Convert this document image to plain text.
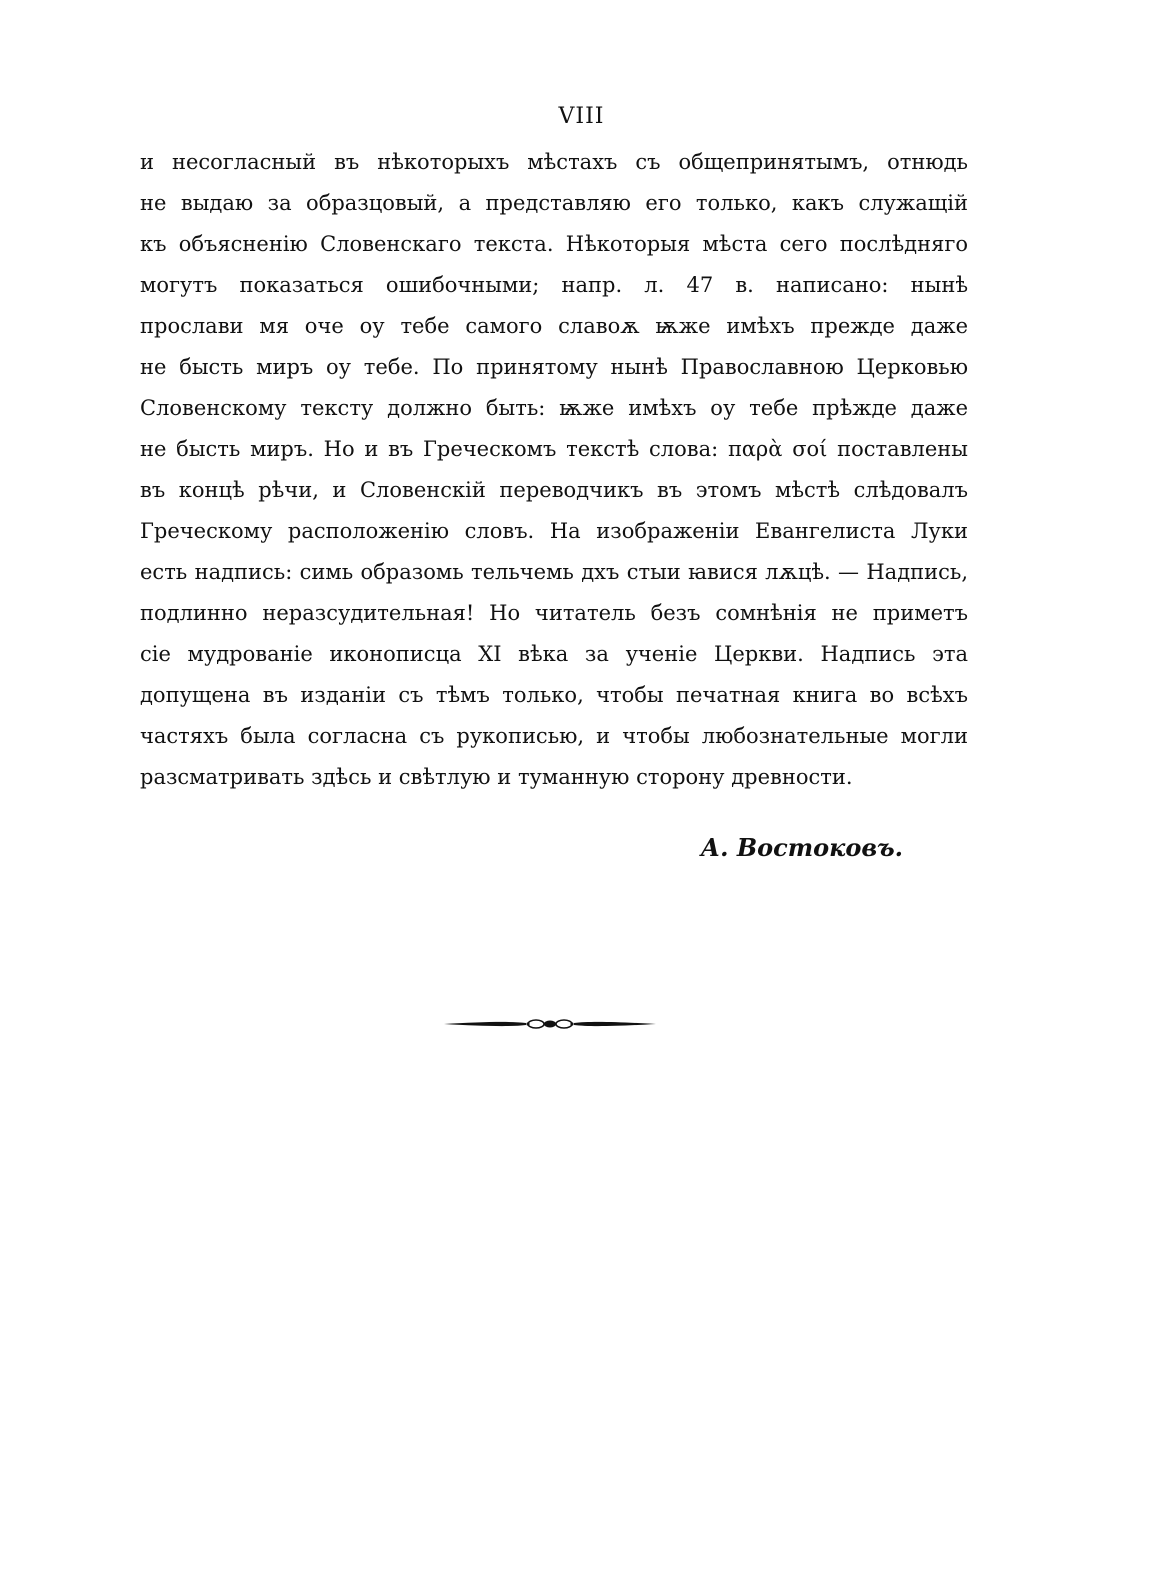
VIII
и несогласный въ нѣкоторыхъ мѣстахъ съ общепринятымъ, отнюдь
не выдаю за образцовый, а представляю его только, какъ служащій
къ объясненію Словенскаго текста. Нѣкоторыя мѣста сего послѣдняго
могутъ показаться ошибочными; напр. л. 47 в. написано: нынѣ
прослави мя оче оу тебе самого славоѫ ѭже имѣхъ прежде даже
не бысть миръ оу тебе. По принятому нынѣ Православною Церковью
Словенскому тексту должно быть: ѭже имѣхъ оу тебе прѣжде даже
не бысть миръ. Но и въ Греческомъ текстѣ слова: παρὰ σοί поставлены
въ концѣ рѣчи, и Словенскій переводчикъ въ этомъ мѣстѣ слѣдовалъ
Греческому расположенію словъ. На изображеніи Евангелиста Луки
есть надпись: симь образомь тельчемь дхъ стыи ꙗвися лѫцѣ. — Надпись,
подлинно неразсудительная! Но читатель безъ сомнѣнія не приметъ
сіе мудрованіе иконописца XI вѣка за ученіе Церкви. Надпись эта
допущена въ изданіи съ тѣмъ только, чтобы печатная книга во всѣхъ
частяхъ была согласна съ рукописью, и чтобы любознательные могли
разсматривать здѣсь и свѣтлую и туманную сторону древности.
А. Востоковъ.
